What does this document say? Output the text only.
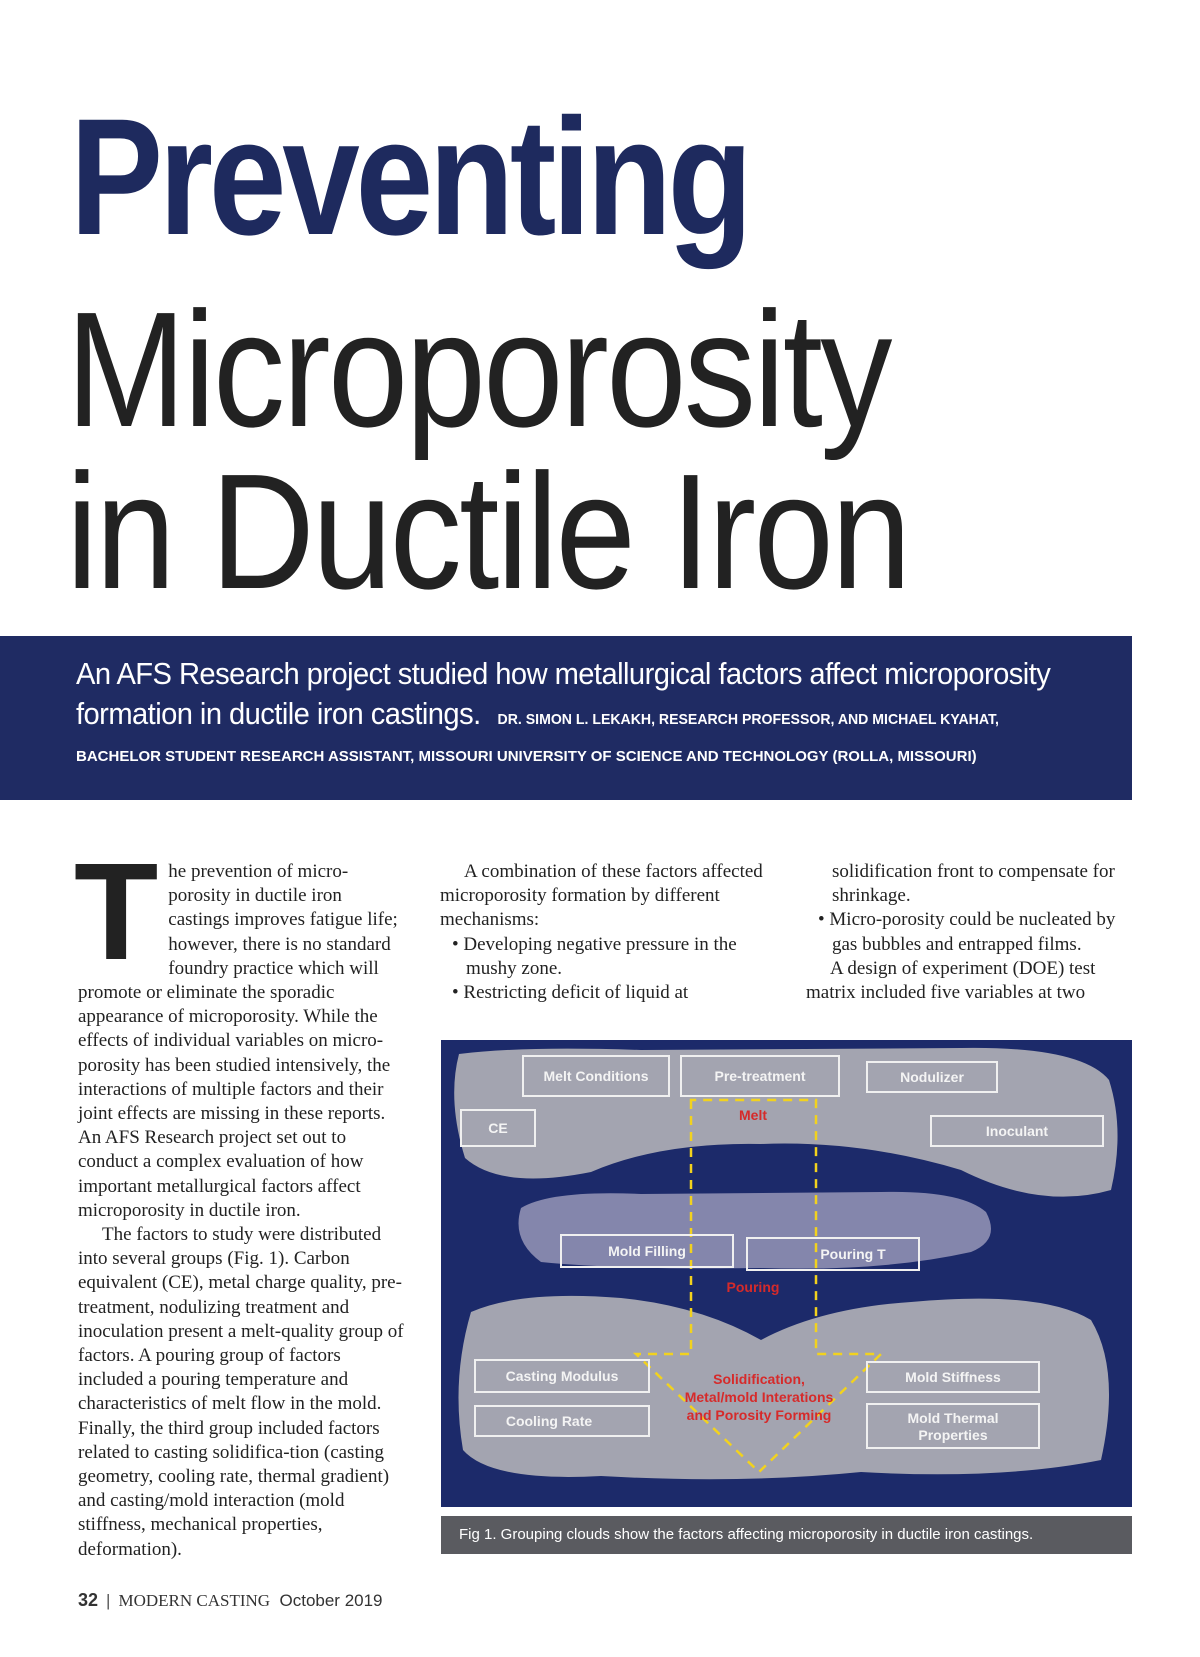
Preventing
Microporosity
in Ductile Iron
An AFS Research project studied how metallurgical factors affect microporosity formation in ductile iron castings. DR. SIMON L. LEKAKH, RESEARCH PROFESSOR, AND MICHAEL KYAHAT,
BACHELOR STUDENT RESEARCH ASSISTANT, MISSOURI UNIVERSITY OF SCIENCE AND TECHNOLOGY (ROLLA, MISSOURI)
T he prevention of micro-porosity in ductile iron castings improves fatigue life; however, there is no standard foundry practice which will promote or eliminate the sporadic appearance of microporosity. While the effects of individual variables on micro-porosity has been studied intensively, the interactions of multiple factors and their joint effects are missing in these reports. An AFS Research project set out to conduct a complex evaluation of how important metallurgical factors affect microporosity in ductile iron.

The factors to study were distributed into several groups (Fig. 1). Carbon equivalent (CE), metal charge quality, pre-treatment, nodulizing treatment and inoculation present a melt-quality group of factors. A pouring group of factors included a pouring temperature and characteristics of melt flow in the mold. Finally, the third group included factors related to casting solidifica-tion (casting geometry, cooling rate, thermal gradient) and casting/mold interaction (mold stiffness, mechanical properties, deformation).

A combination of these factors affected microporosity formation by different mechanisms:

• Developing negative pressure in the mushy zone.

• Restricting deficit of liquid at

solidification front to compensate for shrinkage.

• Micro-porosity could be nucleated by gas bubbles and entrapped films.

A design of experiment (DOE) test matrix included five variables at two

Melt Conditions	Pre-treatment	Nodulizer
CE	Inoculant
Mold Filling	Pouring T
Casting Modulus
Cooling Rate
Mold Stiffness
Mold Thermal
Properties
Melt
Pouring
Solidification,
Metal/mold Interations
and Porosity Forming
Fig 1. Grouping clouds show the factors affecting microporosity in ductile iron castings.
32 | MODERN CASTING October 2019
